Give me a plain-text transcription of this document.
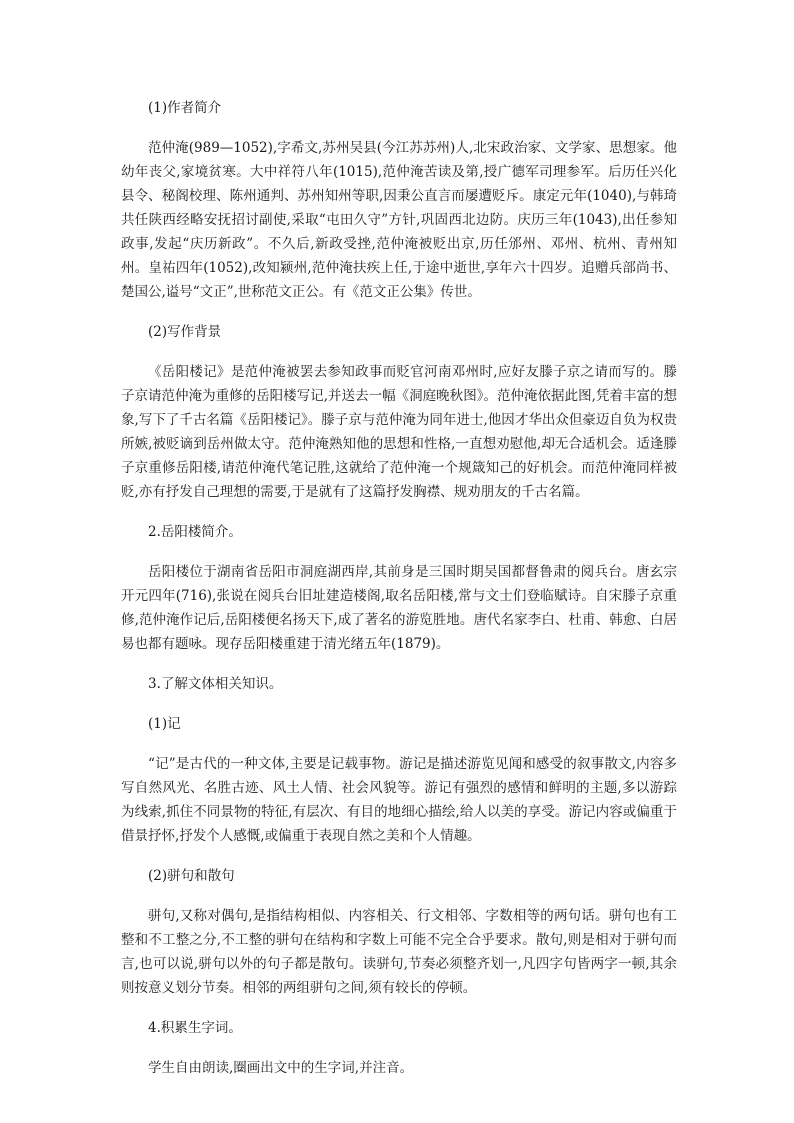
(1)作者简介
范仲淹(989—1052),字希文,苏州吴县(今江苏苏州)人,北宋政治家、文学家、思想家。他幼年丧父,家境贫寒。大中祥符八年(1015),范仲淹苦读及第,授广德军司理参军。后历任兴化县令、秘阁校理、陈州通判、苏州知州等职,因秉公直言而屡遭贬斥。康定元年(1040),与韩琦共任陕西经略安抚招讨副使,采取“屯田久守”方针,巩固西北边防。庆历三年(1043),出任参知政事,发起“庆历新政”。不久后,新政受挫,范仲淹被贬出京,历任邠州、邓州、杭州、青州知州。皇祐四年(1052),改知颍州,范仲淹扶疾上任,于途中逝世,享年六十四岁。追赠兵部尚书、楚国公,谥号“文正”,世称范文正公。有《范文正公集》传世。
(2)写作背景
《岳阳楼记》是范仲淹被罢去参知政事而贬官河南邓州时,应好友滕子京之请而写的。滕子京请范仲淹为重修的岳阳楼写记,并送去一幅《洞庭晚秋图》。范仲淹依据此图,凭着丰富的想象,写下了千古名篇《岳阳楼记》。滕子京与范仲淹为同年进士,他因才华出众但豪迈自负为权贵所嫉,被贬谪到岳州做太守。范仲淹熟知他的思想和性格,一直想劝慰他,却无合适机会。适逢滕子京重修岳阳楼,请范仲淹代笔记胜,这就给了范仲淹一个规箴知己的好机会。而范仲淹同样被贬,亦有抒发自己理想的需要,于是就有了这篇抒发胸襟、规劝朋友的千古名篇。
2.岳阳楼简介。
岳阳楼位于湖南省岳阳市洞庭湖西岸,其前身是三国时期吴国都督鲁肃的阅兵台。唐玄宗开元四年(716),张说在阅兵台旧址建造楼阁,取名岳阳楼,常与文士们登临赋诗。自宋滕子京重修,范仲淹作记后,岳阳楼便名扬天下,成了著名的游览胜地。唐代名家李白、杜甫、韩愈、白居易也都有题咏。现存岳阳楼重建于清光绪五年(1879)。
3.了解文体相关知识。
(1)记
“记”是古代的一种文体,主要是记载事物。游记是描述游览见闻和感受的叙事散文,内容多写自然风光、名胜古迹、风土人情、社会风貌等。游记有强烈的感情和鲜明的主题,多以游踪为线索,抓住不同景物的特征,有层次、有目的地细心描绘,给人以美的享受。游记内容或偏重于借景抒怀,抒发个人感慨,或偏重于表现自然之美和个人情趣。
(2)骈句和散句
骈句,又称对偶句,是指结构相似、内容相关、行文相邻、字数相等的两句话。骈句也有工整和不工整之分,不工整的骈句在结构和字数上可能不完全合乎要求。散句,则是相对于骈句而言,也可以说,骈句以外的句子都是散句。读骈句,节奏必须整齐划一,凡四字句皆两字一顿,其余则按意义划分节奏。相邻的两组骈句之间,须有较长的停顿。
4.积累生字词。
学生自由朗读,圈画出文中的生字词,并注音。
